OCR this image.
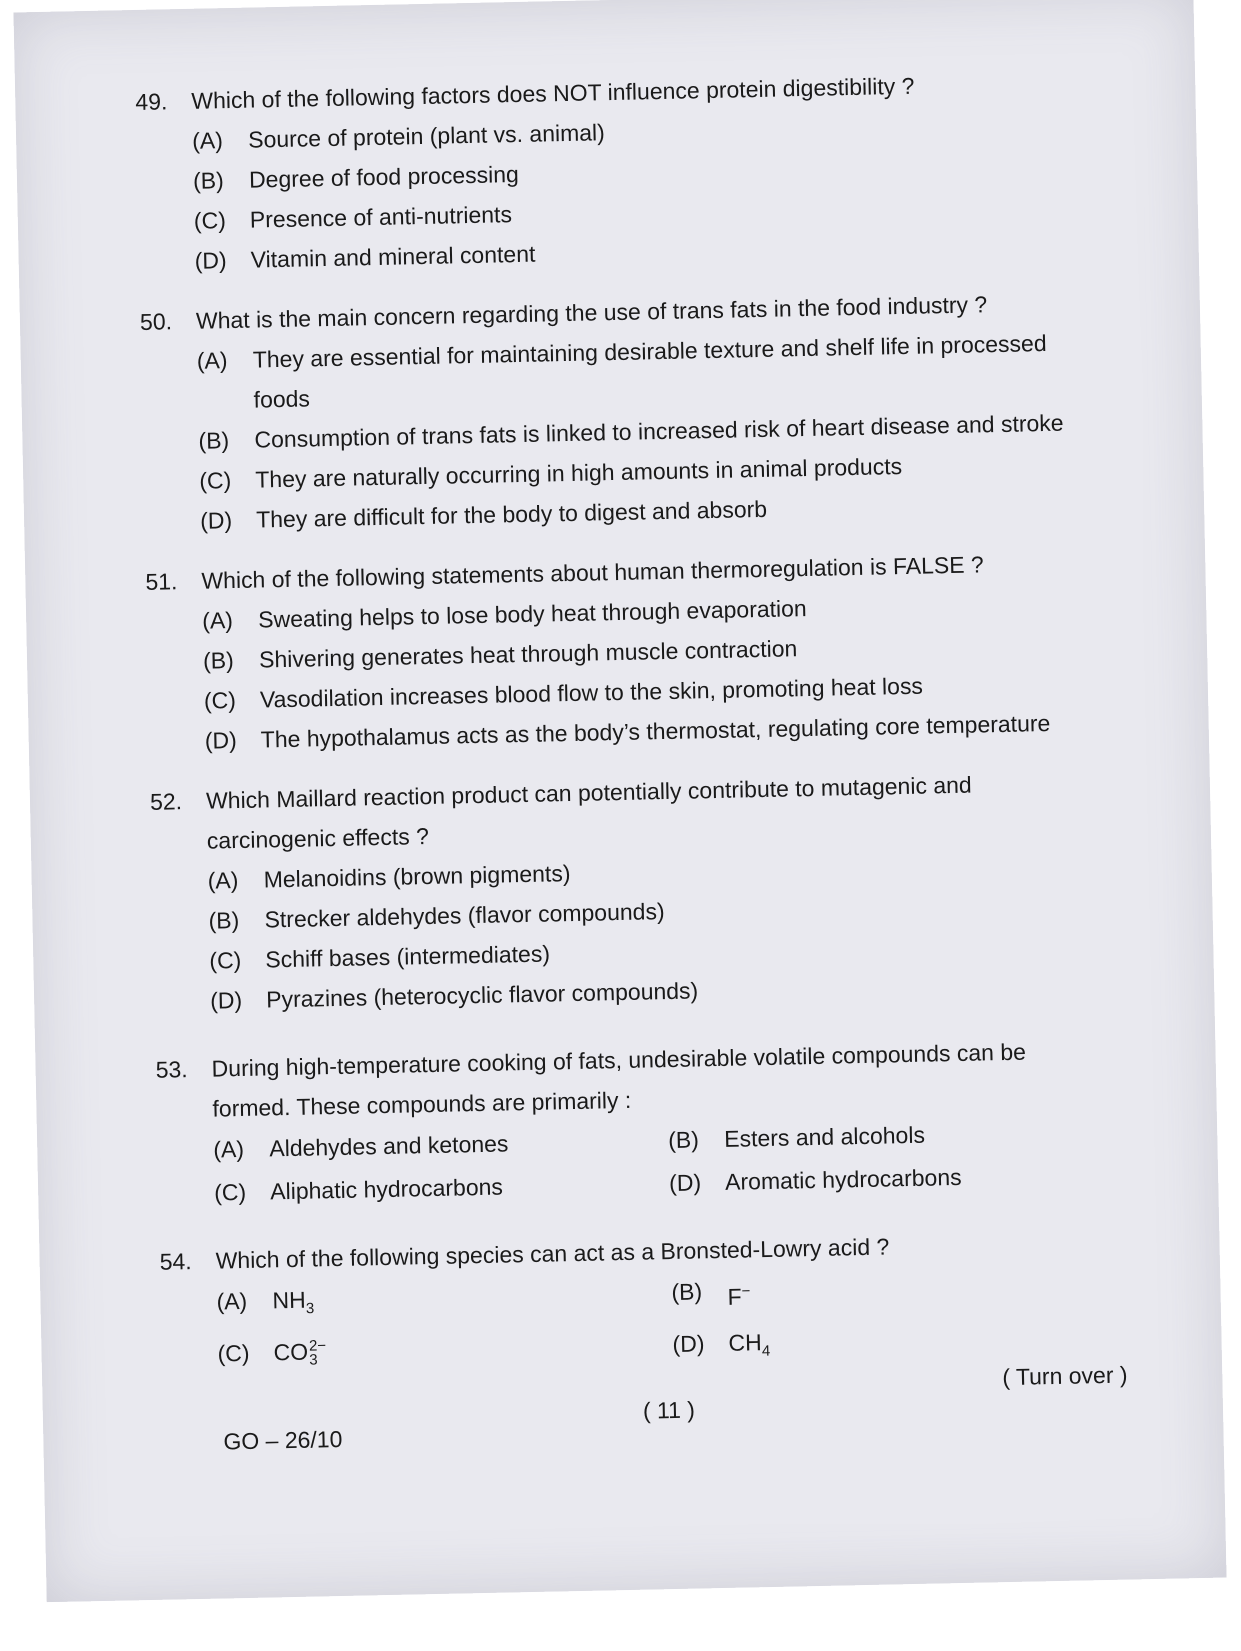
49.	Which of the following factors does NOT influence protein digestibility ?
(A) Source of protein (plant vs. animal)
(B) Degree of food processing
(C) Presence of anti-nutrients
(D) Vitamin and mineral content
50.	What is the main concern regarding the use of trans fats in the food industry ?
(A) They are essential for maintaining desirable texture and shelf life in processed foods
(B) Consumption of trans fats is linked to increased risk of heart disease and stroke
(C) They are naturally occurring in high amounts in animal products
(D) They are difficult for the body to digest and absorb
51.	Which of the following statements about human thermoregulation is FALSE ?
(A) Sweating helps to lose body heat through evaporation
(B) Shivering generates heat through muscle contraction
(C) Vasodilation increases blood flow to the skin, promoting heat loss
(D) The hypothalamus acts as the body’s thermostat, regulating core temperature
52.	Which Maillard reaction product can potentially contribute to mutagenic and carcinogenic effects ?
(A) Melanoidins (brown pigments)
(B) Strecker aldehydes (flavor compounds)
(C) Schiff bases (intermediates)
(D) Pyrazines (heterocyclic flavor compounds)
53.	During high-temperature cooking of fats, undesirable volatile compounds can be formed. These compounds are primarily :
(A) Aldehydes and ketones	(B) Esters and alcohols
(C) Aliphatic hydrocarbons	(D) Aromatic hydrocarbons
54.	Which of the following species can act as a Bronsted-Lowry acid ?
(A) $NH_3$
(B) F−
(C) CO 2−
3
(D) $CH_4$
GO – 26/10
( 11 )
( Turn over )
